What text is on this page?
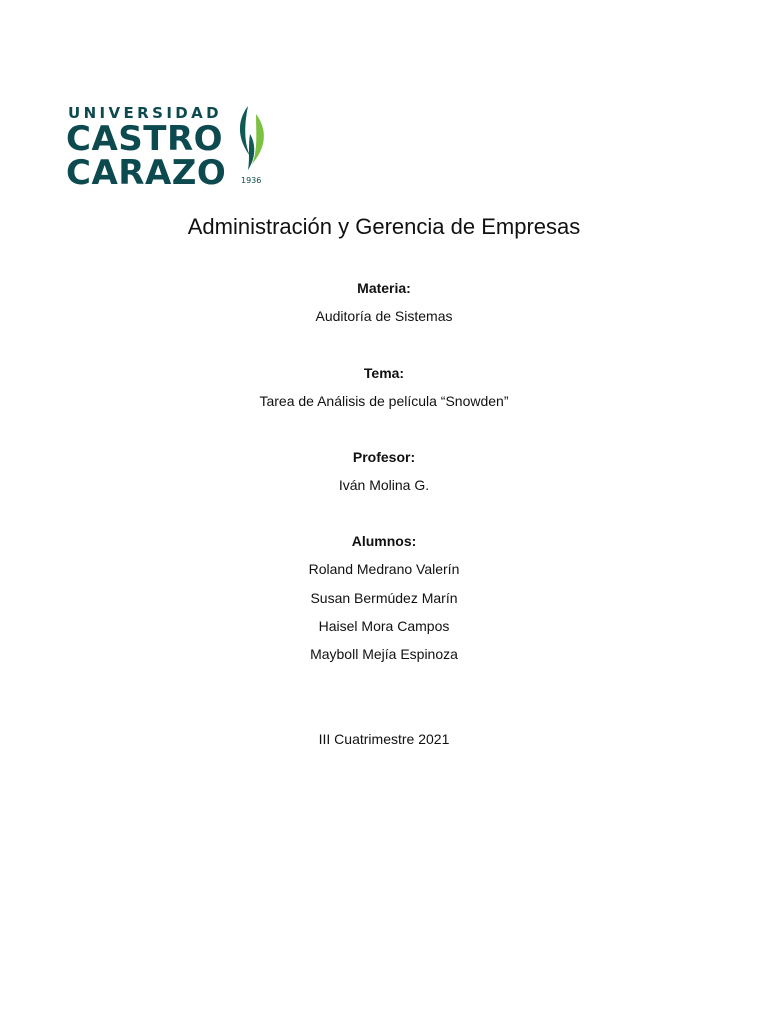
UNIVERSIDAD
CASTRO
CARAZO 1936
Administración y Gerencia de Empresas
Materia:
Auditoría de Sistemas
Tema:
Tarea de Análisis de película “Snowden”
Profesor:
Iván Molina G.
Alumnos:
Roland Medrano Valerín
Susan Bermúdez Marín
Haisel Mora Campos
Mayboll Mejía Espinoza
III Cuatrimestre 2021
